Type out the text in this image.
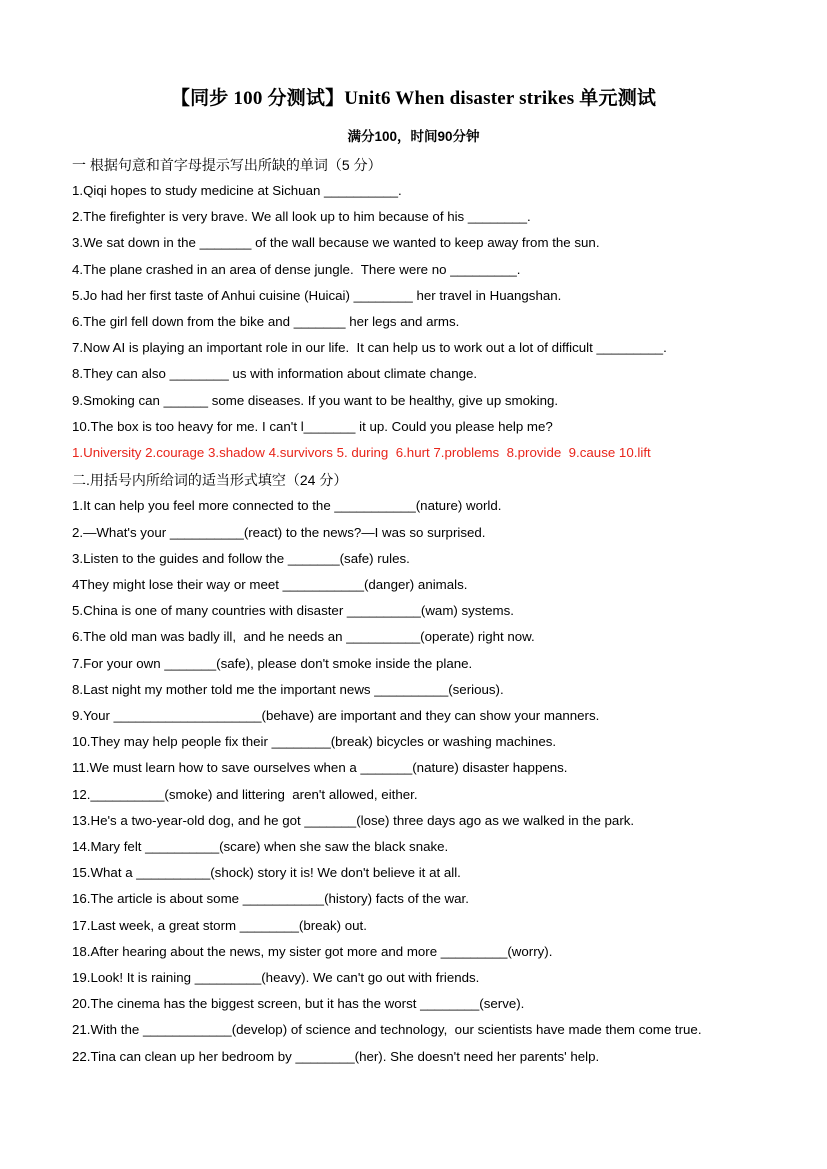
【同步 100 分测试】Unit6 When disaster strikes 单元测试
满分100，时间90分钟
一 根据句意和首字母提示写出所缺的单词（5 分）

1.Qiqi hopes to study medicine at Sichuan __________.

2.The firefighter is very brave. We all look up to him because of his ________.

3.We sat down in the _______ of the wall because we wanted to keep away from the sun.

4.The plane crashed in an area of dense jungle.  There were no _________.

5.Jo had her first taste of Anhui cuisine (Huicai) ________ her travel in Huangshan.

6.The girl fell down from the bike and _______ her legs and arms.

7.Now AI is playing an important role in our life.  It can help us to work out a lot of difficult _________.

8.They can also ________ us with information about climate change.

9.Smoking can ______ some diseases. If you want to be healthy, give up smoking.

10.The box is too heavy for me. I can't l_______ it up. Could you please help me?

1.University 2.courage 3.shadow 4.survivors 5. during  6.hurt 7.problems  8.provide  9.cause 10.lift

二.用括号内所给词的适当形式填空（24 分）

1.It can help you feel more connected to the ___________(nature) world.

2.—What's your __________(react) to the news?—I was so surprised.

3.Listen to the guides and follow the _______(safe) rules.

4They might lose their way or meet ___________(danger) animals.

5.China is one of many countries with disaster __________(wam) systems.

6.The old man was badly ill,  and he needs an __________(operate) right now.

7.For your own _______(safe), please don't smoke inside the plane.

8.Last night my mother told me the important news __________(serious).

9.Your ____________________(behave) are important and they can show your manners.

10.They may help people fix their ________(break) bicycles or washing machines.

11.We must learn how to save ourselves when a _______(nature) disaster happens.

12.__________(smoke) and littering  aren't allowed, either.

13.He's a two-year-old dog, and he got _______(lose) three days ago as we walked in the park.

14.Mary felt __________(scare) when she saw the black snake.

15.What a __________(shock) story it is! We don't believe it at all.

16.The article is about some ___________(history) facts of the war.

17.Last week, a great storm ________(break) out.

18.After hearing about the news, my sister got more and more _________(worry).

19.Look! It is raining _________(heavy). We can't go out with friends.

20.The cinema has the biggest screen, but it has the worst ________(serve).

21.With the ____________(develop) of science and technology,  our scientists have made them come true.

22.Tina can clean up her bedroom by ________(her). She doesn't need her parents' help.
